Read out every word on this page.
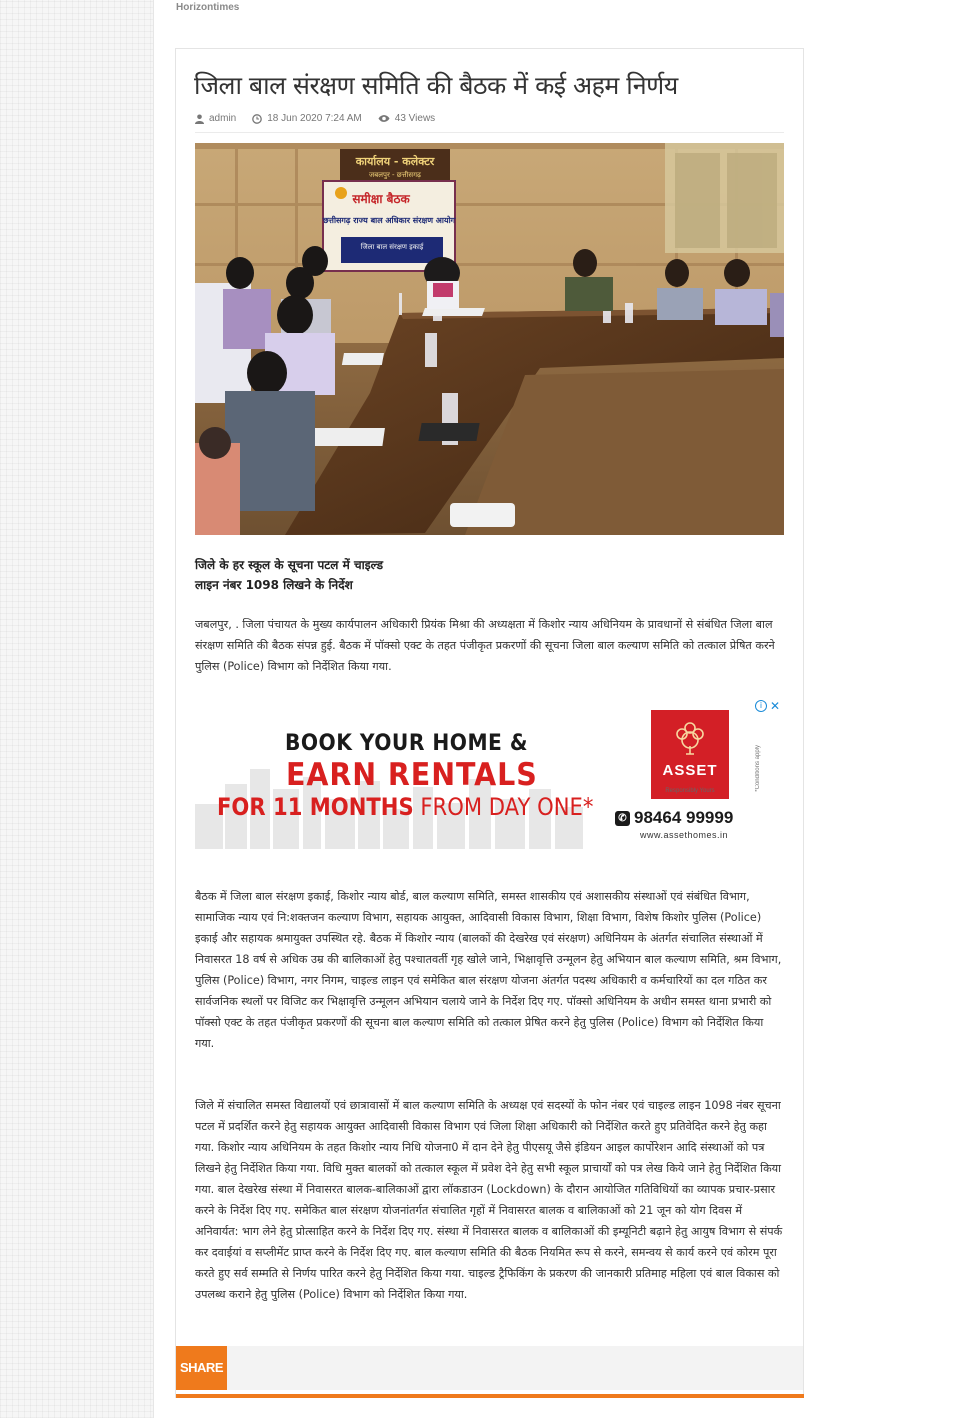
Horizontimes
जिला बाल संरक्षण समिति की बैठक में कई अहम निर्णय
admin	18 Jun 2020 7:24 AM	43 Views
कार्यालय - कलेक्टर
जबलपुर - छत्तीसगढ़
समीक्षा बैठक
छत्तीसगढ़ राज्य बाल अधिकार संरक्षण आयोग
जिला बाल संरक्षण इकाई

जिले के हर स्कूल के सूचना पटल में चाइल्ड
लाइन नंबर 1098 लिखने के निर्देश

जबलपुर, . जिला पंचायत के मुख्य कार्यपालन अधिकारी प्रियंक मिश्रा की अध्यक्षता में किशोर न्याय अधिनियम के प्रावधानों से संबंधित जिला बाल संरक्षण समिति की बैठक संपन्न हुई. बैठक में पॉक्सो एक्ट के तहत पंजीकृत प्रकरणों की सूचना जिला बाल कल्याण समिति को तत्काल प्रेषित करने पुलिस (Police) विभाग को निर्देशित किया गया.

BOOK YOUR HOME &
EARN RENTALS
FOR 11 MONTHS FROM DAY ONE*
ASSET
Responsibly Yours
✆ 98464 99999
www.assethomes.in
*Conditions apply
i ✕

बैठक में जिला बाल संरक्षण इकाई, किशोर न्याय बोर्ड, बाल कल्याण समिति, समस्त शासकीय एवं अशासकीय संस्थाओं एवं संबंधित विभाग, सामाजिक न्याय एवं नि:शक्तजन कल्याण विभाग, सहायक आयुक्त, आदिवासी विकास विभाग, शिक्षा विभाग, विशेष किशोर पुलिस (Police) इकाई और सहायक श्रमायुक्त उपस्थित रहे. बैठक में किशोर न्याय (बालकों की देखरेख एवं संरक्षण) अधिनियम के अंतर्गत संचालित संस्थाओं में निवासरत 18 वर्ष से अधिक उम्र की बालिकाओं हेतु पश्चातवर्ती गृह खोले जाने, भिक्षावृत्ति उन्मूलन हेतु अभियान बाल कल्याण समिति, श्रम विभाग, पुलिस (Police) विभाग, नगर निगम, चाइल्ड लाइन एवं समेकित बाल संरक्षण योजना अंतर्गत पदस्थ अधिकारी व कर्मचारियों का दल गठित कर सार्वजनिक स्थलों पर विजिट कर भिक्षावृत्ति उन्मूलन अभियान चलाये जाने के निर्देश दिए गए. पॉक्सो अधिनियम के अधीन समस्त थाना प्रभारी को पॉक्सो एक्ट के तहत पंजीकृत प्रकरणों की सूचना बाल कल्याण समिति को तत्काल प्रेषित करने हेतु पुलिस (Police) विभाग को निर्देशित किया गया.

जिले में संचालित समस्त विद्यालयों एवं छात्रावासों में बाल कल्याण समिति के अध्यक्ष एवं सदस्यों के फोन नंबर एवं चाइल्ड लाइन 1098 नंबर सूचना पटल में प्रदर्शित करने हेतु सहायक आयुक्त आदिवासी विकास विभाग एवं जिला शिक्षा अधिकारी को निर्देशित करते हुए प्रतिवेदित करने हेतु कहा गया. किशोर न्याय अधिनियम के तहत किशोर न्याय निधि योजना0 में दान देने हेतु पीएसयू जैसे इंडियन आइल कार्पोरेशन आदि संस्थाओं को पत्र लिखने हेतु निर्देशित किया गया. विधि मुक्त बालकों को तत्काल स्कूल में प्रवेश देने हेतु सभी स्कूल प्राचार्यों को पत्र लेख किये जाने हेतु निर्देशित किया गया. बाल देखरेख संस्था में निवासरत बालक-बालिकाओं द्वारा लॉकडाउन (Lockdown) के दौरान आयोजित गतिविधियों का व्यापक प्रचार-प्रसार करने के निर्देश दिए गए. समेकित बाल संरक्षण योजनांतर्गत संचालित गृहों में निवासरत बालक व बालिकाओं को 21 जून को योग दिवस में अनिवार्यत: भाग लेने हेतु प्रोत्साहित करने के निर्देश दिए गए. संस्था में निवासरत बालक व बालिकाओं की इम्यूनिटी बढ़ाने हेतु आयुष विभाग से संपर्क कर दवाईयां व सप्लीमेंट प्राप्त करने के निर्देश दिए गए. बाल कल्याण समिति की बैठक नियमित रूप से करने, समन्वय से कार्य करने एवं कोरम पूरा करते हुए सर्व सम्मति से निर्णय पारित करने हेतु निर्देशित किया गया. चाइल्ड ट्रैफिकिंग के प्रकरण की जानकारी प्रतिमाह महिला एवं बाल विकास को उपलब्ध कराने हेतु पुलिस (Police) विभाग को निर्देशित किया गया.

SHARE
